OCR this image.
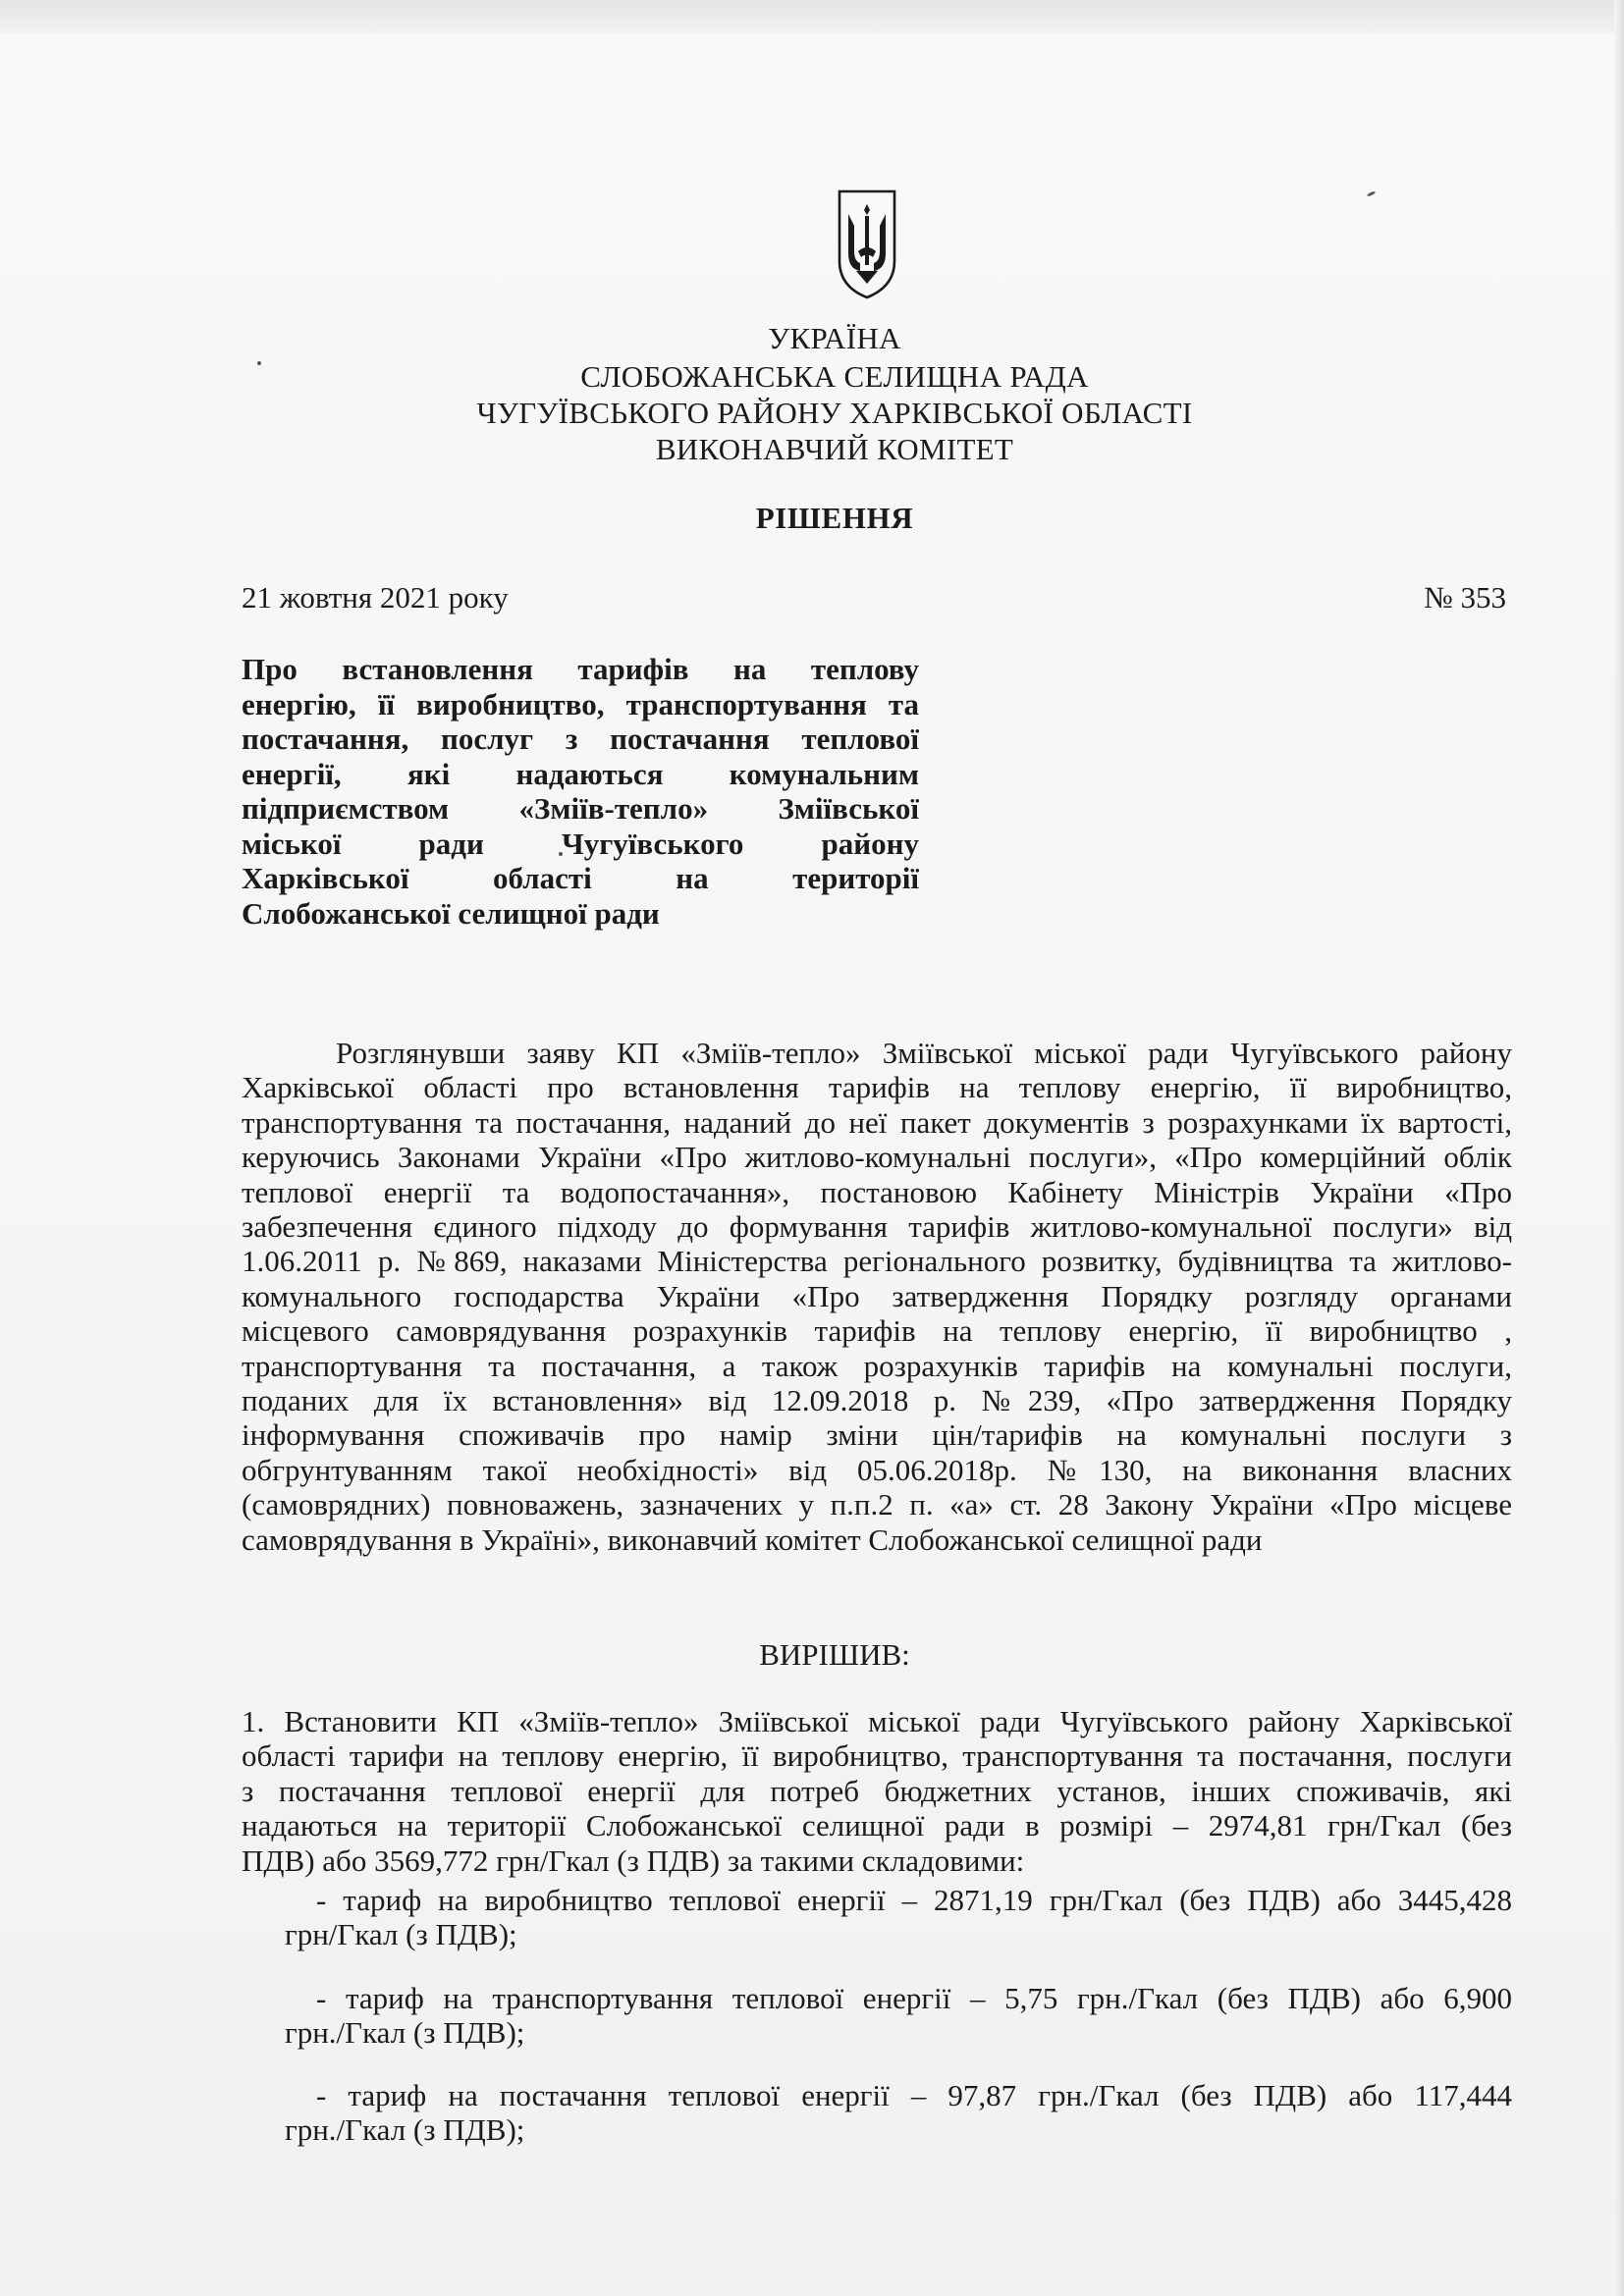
УКРАЇНА
СЛОБОЖАНСЬКА СЕЛИЩНА РАДА
ЧУГУЇВСЬКОГО РАЙОНУ ХАРКІВСЬКОЇ ОБЛАСТІ
ВИКОНАВЧИЙ КОМІТЕТ
РІШЕННЯ
21 жовтня 2021 року	№ 353
Про встановлення тарифів на теплову
енергію, її виробництво, транспортування та
постачання, послуг з постачання теплової
енергії, які надаються комунальним
підприємством «Зміїв-тепло» Зміївської
міської ради Чугуївського району
Харківської області на території
Слобожанської селищної ради
Розглянувши заяву КП «Зміїв-тепло» Зміївської міської ради Чугуївського району
Харківської області про встановлення тарифів на теплову енергію, її виробництво,
транспортування та постачання, наданий до неї пакет документів з розрахунками їх вартості,
керуючись Законами України «Про житлово-комунальні послуги», «Про комерційний облік
теплової енергії та водопостачання», постановою Кабінету Міністрів України «Про
забезпечення єдиного підходу до формування тарифів житлово-комунальної послуги» від
1.06.2011 р. №869, наказами Міністерства регіонального розвитку, будівництва та житлово-
комунального господарства України «Про затвердження Порядку розгляду органами
місцевого самоврядування розрахунків тарифів на теплову енергію, її виробництво ,
транспортування та постачання, а також розрахунків тарифів на комунальні послуги,
поданих для їх встановлення» від 12.09.2018 р. №239, «Про затвердження Порядку
інформування споживачів про намір зміни цін/тарифів на комунальні послуги з
обгрунтуванням такої необхідності» від 05.06.2018р. №130, на виконання власних
(самоврядних) повноважень, зазначених у п.п.2 п. «а» ст. 28 Закону України «Про місцеве
самоврядування в Україні», виконавчий комітет Слобожанської селищної ради
ВИРІШИВ:
1. Встановити КП «Зміїв-тепло» Зміївської міської ради Чугуївського району Харківської
області тарифи на теплову енергію, її виробництво, транспортування та постачання, послуги
з постачання теплової енергії для потреб бюджетних установ, інших споживачів, які
надаються на території Слобожанської селищної ради в розмірі – 2974,81 грн/Гкал (без
ПДВ) або 3569,772 грн/Гкал (з ПДВ) за такими складовими:
- тариф на виробництво теплової енергії – 2871,19 грн/Гкал (без ПДВ) або 3445,428
грн/Гкал (з ПДВ);
- тариф на транспортування теплової енергії – 5,75 грн./Гкал (без ПДВ) або 6,900
грн./Гкал (з ПДВ);
- тариф на постачання теплової енергії – 97,87 грн./Гкал (без ПДВ) або 117,444
грн./Гкал (з ПДВ);
